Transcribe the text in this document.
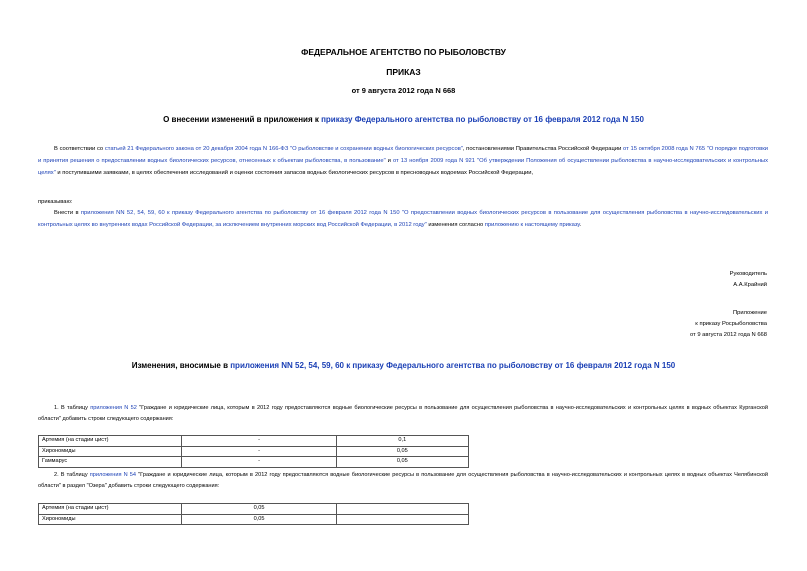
ФЕДЕРАЛЬНОЕ АГЕНТСТВО ПО РЫБОЛОВСТВУ
ПРИКАЗ
от 9 августа 2012 года N 668
О внесении изменений в приложения к приказу Федерального агентства по рыболовству от 16 февраля 2012 года N 150
В соответствии со статьей 21 Федерального закона от 20 декабря 2004 года N 166-ФЗ "О рыболовстве и сохранении водных биологических ресурсов", постановлениями Правительства Российской Федерации от 15 октября 2008 года N 765 "О порядке подготовки и принятия решения о предоставлении водных биологических ресурсов, отнесенных к объектам рыболовства, в пользование" и от 13 ноября 2009 года N 921 "Об утверждении Положения об осуществлении рыболовства в научно-исследовательских и контрольных целях" и поступившими заявками, в целях обеспечения исследований и оценки состояния запасов водных биологических ресурсов в пресноводных водоемах Российской Федерации,
приказываю:
Внести в приложения NN 52, 54, 59, 60 к приказу Федерального агентства по рыболовству от 16 февраля 2012 года N 150 "О предоставлении водных биологических ресурсов в пользование для осуществления рыболовства в научно-исследовательских и контрольных целях во внутренних водах Российской Федерации, за исключением внутренних морских вод Российской Федерации, в 2012 году" изменения согласно приложению к настоящему приказу.
Руководитель
А.А.Крайний
Приложение
к приказу Росрыболовства
от 9 августа 2012 года N 668
Изменения, вносимые в приложения NN 52, 54, 59, 60 к приказу Федерального агентства по рыболовству от 16 февраля 2012 года N 150
1. В таблицу приложения N 52 "Граждане и юридические лица, которым в 2012 году предоставляются водные биологические ресурсы в пользование для осуществления рыболовства в научно-исследовательских и контрольных целях в водных объектах Курганской области" добавить строки следующего содержания:
Артемия (на стадии цист)	-	0,1
Хирономиды	-	0,05
Гаммарус	-	0,05
2. В таблицу приложения N 54 "Граждане и юридические лица, которым в 2012 году предоставляются водные биологические ресурсы в пользование для осуществления рыболовства в научно-исследовательских и контрольных целях в водных объектах Челябинской области" в раздел "Озера" добавить строки следующего содержания:
Артемия (на стадии цист)	0,05	
Хирономиды	0,05	
